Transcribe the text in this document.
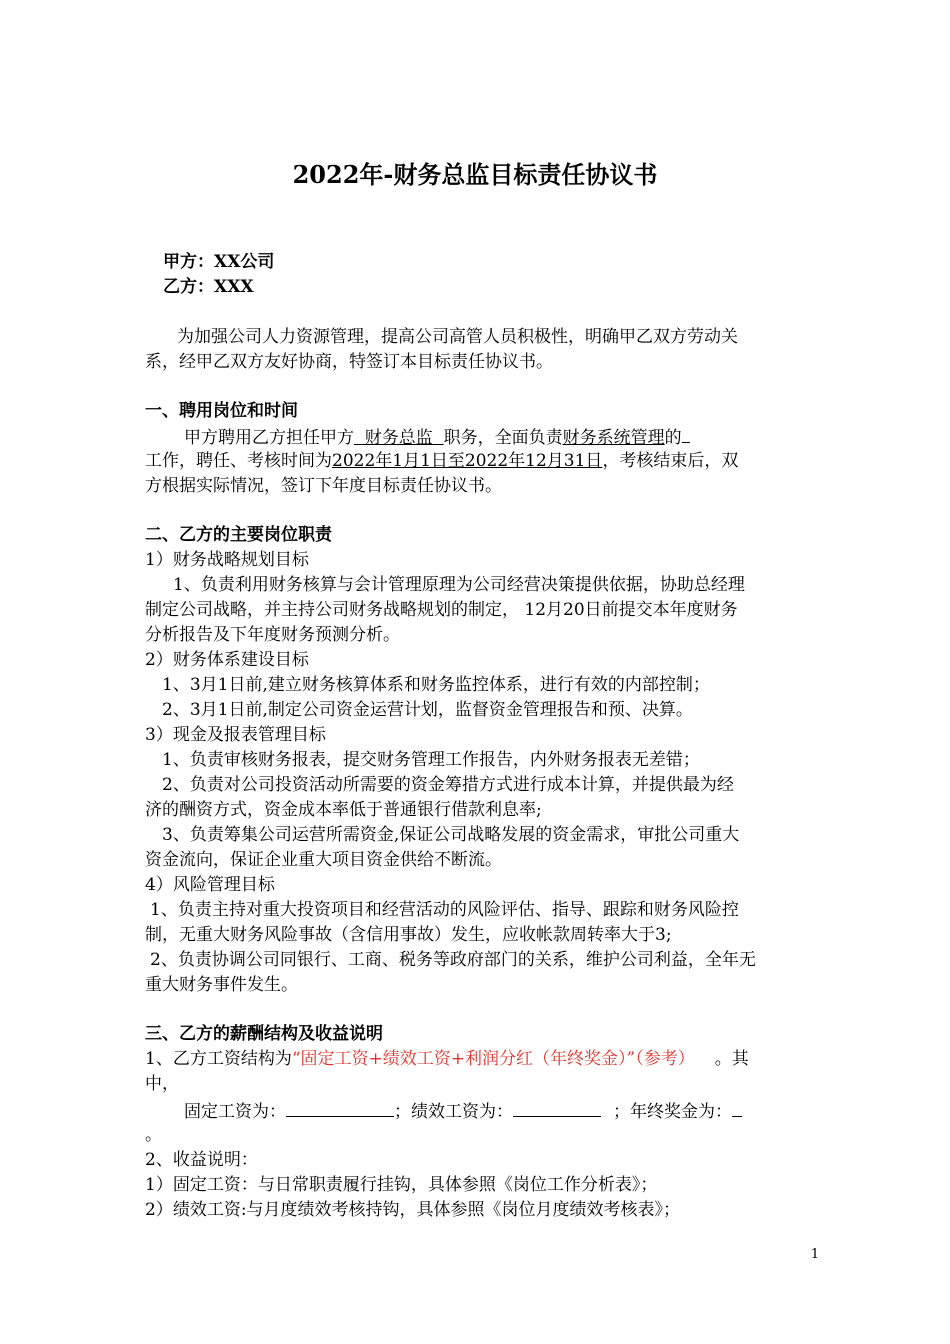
2022年-财务总监目标责任协议书
甲方：XX公司
乙方：XXX
为加强公司人力资源管理，提高公司高管人员积极性，明确甲乙双方劳动关
系，经甲乙双方友好协商，特签订本目标责任协议书。
一、聘用岗位和时间
甲方聘用乙方担任甲方  财务总监  职务，全面负责财务系统管理的
工作，聘任、考核时间为2022年1月1日至2022年12月31日，考核结束后，双
方根据实际情况，签订下年度目标责任协议书。
二、乙方的主要岗位职责
1）财务战略规划目标
1、负责利用财务核算与会计管理原理为公司经营决策提供依据，协助总经理
制定公司战略，并主持公司财务战略规划的制定， 12月20日前提交本年度财务
分析报告及下年度财务预测分析。
2）财务体系建设目标
1、3月1日前,建立财务核算体系和财务监控体系，进行有效的内部控制；
2、3月1日前,制定公司资金运营计划，监督资金管理报告和预、决算。
3）现金及报表管理目标
1、负责审核财务报表，提交财务管理工作报告，内外财务报表无差错；
2、负责对公司投资活动所需要的资金筹措方式进行成本计算，并提供最为经
济的酬资方式，资金成本率低于普通银行借款利息率;
3、负责筹集公司运营所需资金,保证公司战略发展的资金需求，审批公司重大
资金流向，保证企业重大项目资金供给不断流。
4）风险管理目标
1、负责主持对重大投资项目和经营活动的风险评估、指导、跟踪和财务风险控
制，无重大财务风险事故（含信用事故）发生，应收帐款周转率大于3;
2、负责协调公司同银行、工商、税务等政府部门的关系，维护公司利益，全年无
重大财务事件发生。
三、乙方的薪酬结构及收益说明
1、乙方工资结构为“固定工资+绩效工资+利润分红（年终奖金）”（参考） 。其
中，
固定工资为：	；绩效工资为：	；年终奖金为：
。
2、收益说明：
1）固定工资：与日常职责履行挂钩，具体参照《岗位工作分析表》；
2）绩效工资:与月度绩效考核持钩，具体参照《岗位月度绩效考核表》；
1
